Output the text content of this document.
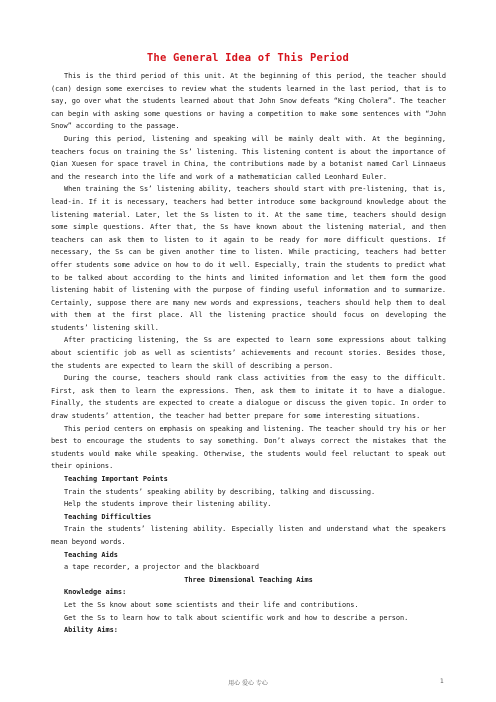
The General Idea of This Period

This is the third period of this unit. At the beginning of this period, the teacher should (can) design some exercises to review what the students learned in the last period, that is to say, go over what the students learned about that John Snow defeats “King Cholera”. The teacher can begin with asking some questions or having a competition to make some sentences with “John Snow” according to the passage.

During this period, listening and speaking will be mainly dealt with. At the beginning, teachers focus on training the Ss’ listening. This listening content is about the importance of Qian Xuesen for space travel in China, the contributions made by a botanist named Carl Linnaeus and the research into the life and work of a mathematician called Leonhard Euler.

When training the Ss’ listening ability, teachers should start with pre-listening, that is, lead-in. If it is necessary, teachers had better introduce some background knowledge about the listening material. Later, let the Ss listen to it. At the same time, teachers should design some simple questions. After that, the Ss have known about the listening material, and then teachers can ask them to listen to it again to be ready for more difficult questions. If necessary, the Ss can be given another time to listen. While practicing, teachers had better offer students some advice on how to do it well. Especially, train the students to predict what to be talked about according to the hints and limited information and let them form the good listening habit of listening with the purpose of finding useful information and to summarize. Certainly, suppose there are many new words and expressions, teachers should help them to deal with them at the first place. All the listening practice should focus on developing the students’ listening skill.

After practicing listening, the Ss are expected to learn some expressions about talking about scientific job as well as scientists’ achievements and recount stories. Besides those, the students are expected to learn the skill of describing a person.

During the course, teachers should rank class activities from the easy to the difficult. First, ask them to learn the expressions. Then, ask them to imitate it to have a dialogue. Finally, the students are expected to create a dialogue or discuss the given topic. In order to draw students’ attention, the teacher had better prepare for some interesting situations.

This period centers on emphasis on speaking and listening. The teacher should try his or her best to encourage the students to say something. Don’t always correct the mistakes that the students would make while speaking. Otherwise, the students would feel reluctant to speak out their opinions.

Teaching Important Points

Train the students’ speaking ability by describing, talking and discussing.

Help the students improve their listening ability.

Teaching Difficulties

Train the students’ listening ability. Especially listen and understand what the speakers mean beyond words.

Teaching Aids

a tape recorder, a projector and the blackboard

Three Dimensional Teaching Aims

Knowledge aims:

Let the Ss know about some scientists and their life and contributions.

Get the Ss to learn how to talk about scientific work and how to describe a person.

Ability Aims:

用心 爱心 专心	1
